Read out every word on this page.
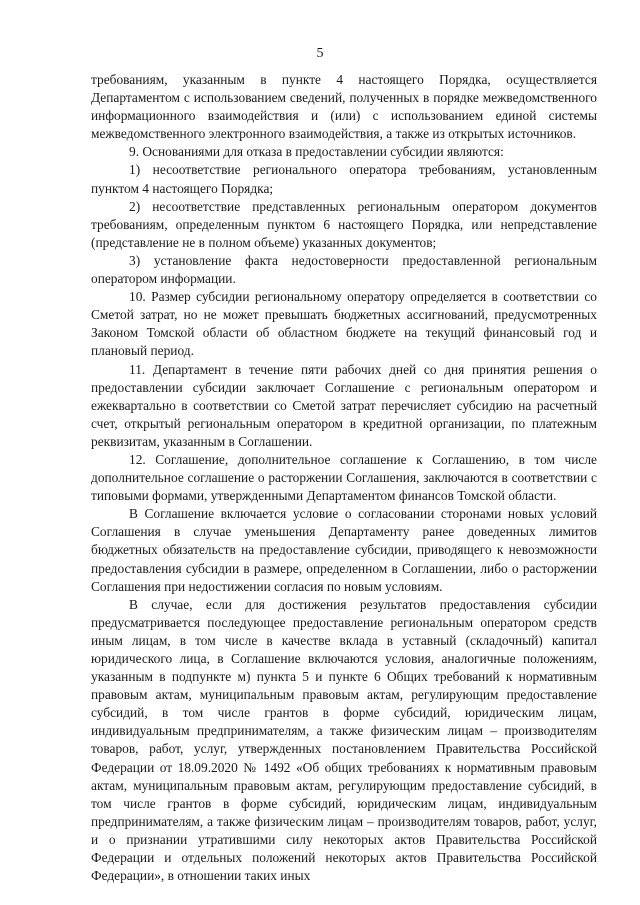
5

требованиям, указанным в пункте 4 настоящего Порядка, осуществляется Департаментом с использованием сведений, полученных в порядке межведомственного информационного взаимодействия и (или) с использованием единой системы межведомственного электронного взаимодействия, а также из открытых источников.

9. Основаниями для отказа в предоставлении субсидии являются:

1) несоответствие регионального оператора требованиям, установленным пунктом 4 настоящего Порядка;

2) несоответствие представленных региональным оператором документов требованиям, определенным пунктом 6 настоящего Порядка, или непредставление (представление не в полном объеме) указанных документов;

3) установление факта недостоверности предоставленной региональным оператором информации.

10. Размер субсидии региональному оператору определяется в соответствии со Сметой затрат, но не может превышать бюджетных ассигнований, предусмотренных Законом Томской области об областном бюджете на текущий финансовый год и плановый период.

11. Департамент в течение пяти рабочих дней со дня принятия решения о предоставлении субсидии заключает Соглашение с региональным оператором и ежеквартально в соответствии со Сметой затрат перечисляет субсидию на расчетный счет, открытый региональным оператором в кредитной организации, по платежным реквизитам, указанным в Соглашении.

12. Соглашение, дополнительное соглашение к Соглашению, в том числе дополнительное соглашение о расторжении Соглашения, заключаются в соответствии с типовыми формами, утвержденными Департаментом финансов Томской области.

В Соглашение включается условие о согласовании сторонами новых условий Соглашения в случае уменьшения Департаменту ранее доведенных лимитов бюджетных обязательств на предоставление субсидии, приводящего к невозможности предоставления субсидии в размере, определенном в Соглашении, либо о расторжении Соглашения при недостижении согласия по новым условиям.

В случае, если для достижения результатов предоставления субсидии предусматривается последующее предоставление региональным оператором средств иным лицам, в том числе в качестве вклада в уставный (складочный) капитал юридического лица, в Соглашение включаются условия, аналогичные положениям, указанным в подпункте м) пункта 5 и пункте 6 Общих требований к нормативным правовым актам, муниципальным правовым актам, регулирующим предоставление субсидий, в том числе грантов в форме субсидий, юридическим лицам, индивидуальным предпринимателям, а также физическим лицам – производителям товаров, работ, услуг, утвержденных постановлением Правительства Российской Федерации от 18.09.2020 № 1492 «Об общих требованиях к нормативным правовым актам, муниципальным правовым актам, регулирующим предоставление субсидий, в том числе грантов в форме субсидий, юридическим лицам, индивидуальным предпринимателям, а также физическим лицам – производителям товаров, работ, услуг, и о признании утратившими силу некоторых актов Правительства Российской Федерации и отдельных положений некоторых актов Правительства Российской Федерации», в отношении таких иных
